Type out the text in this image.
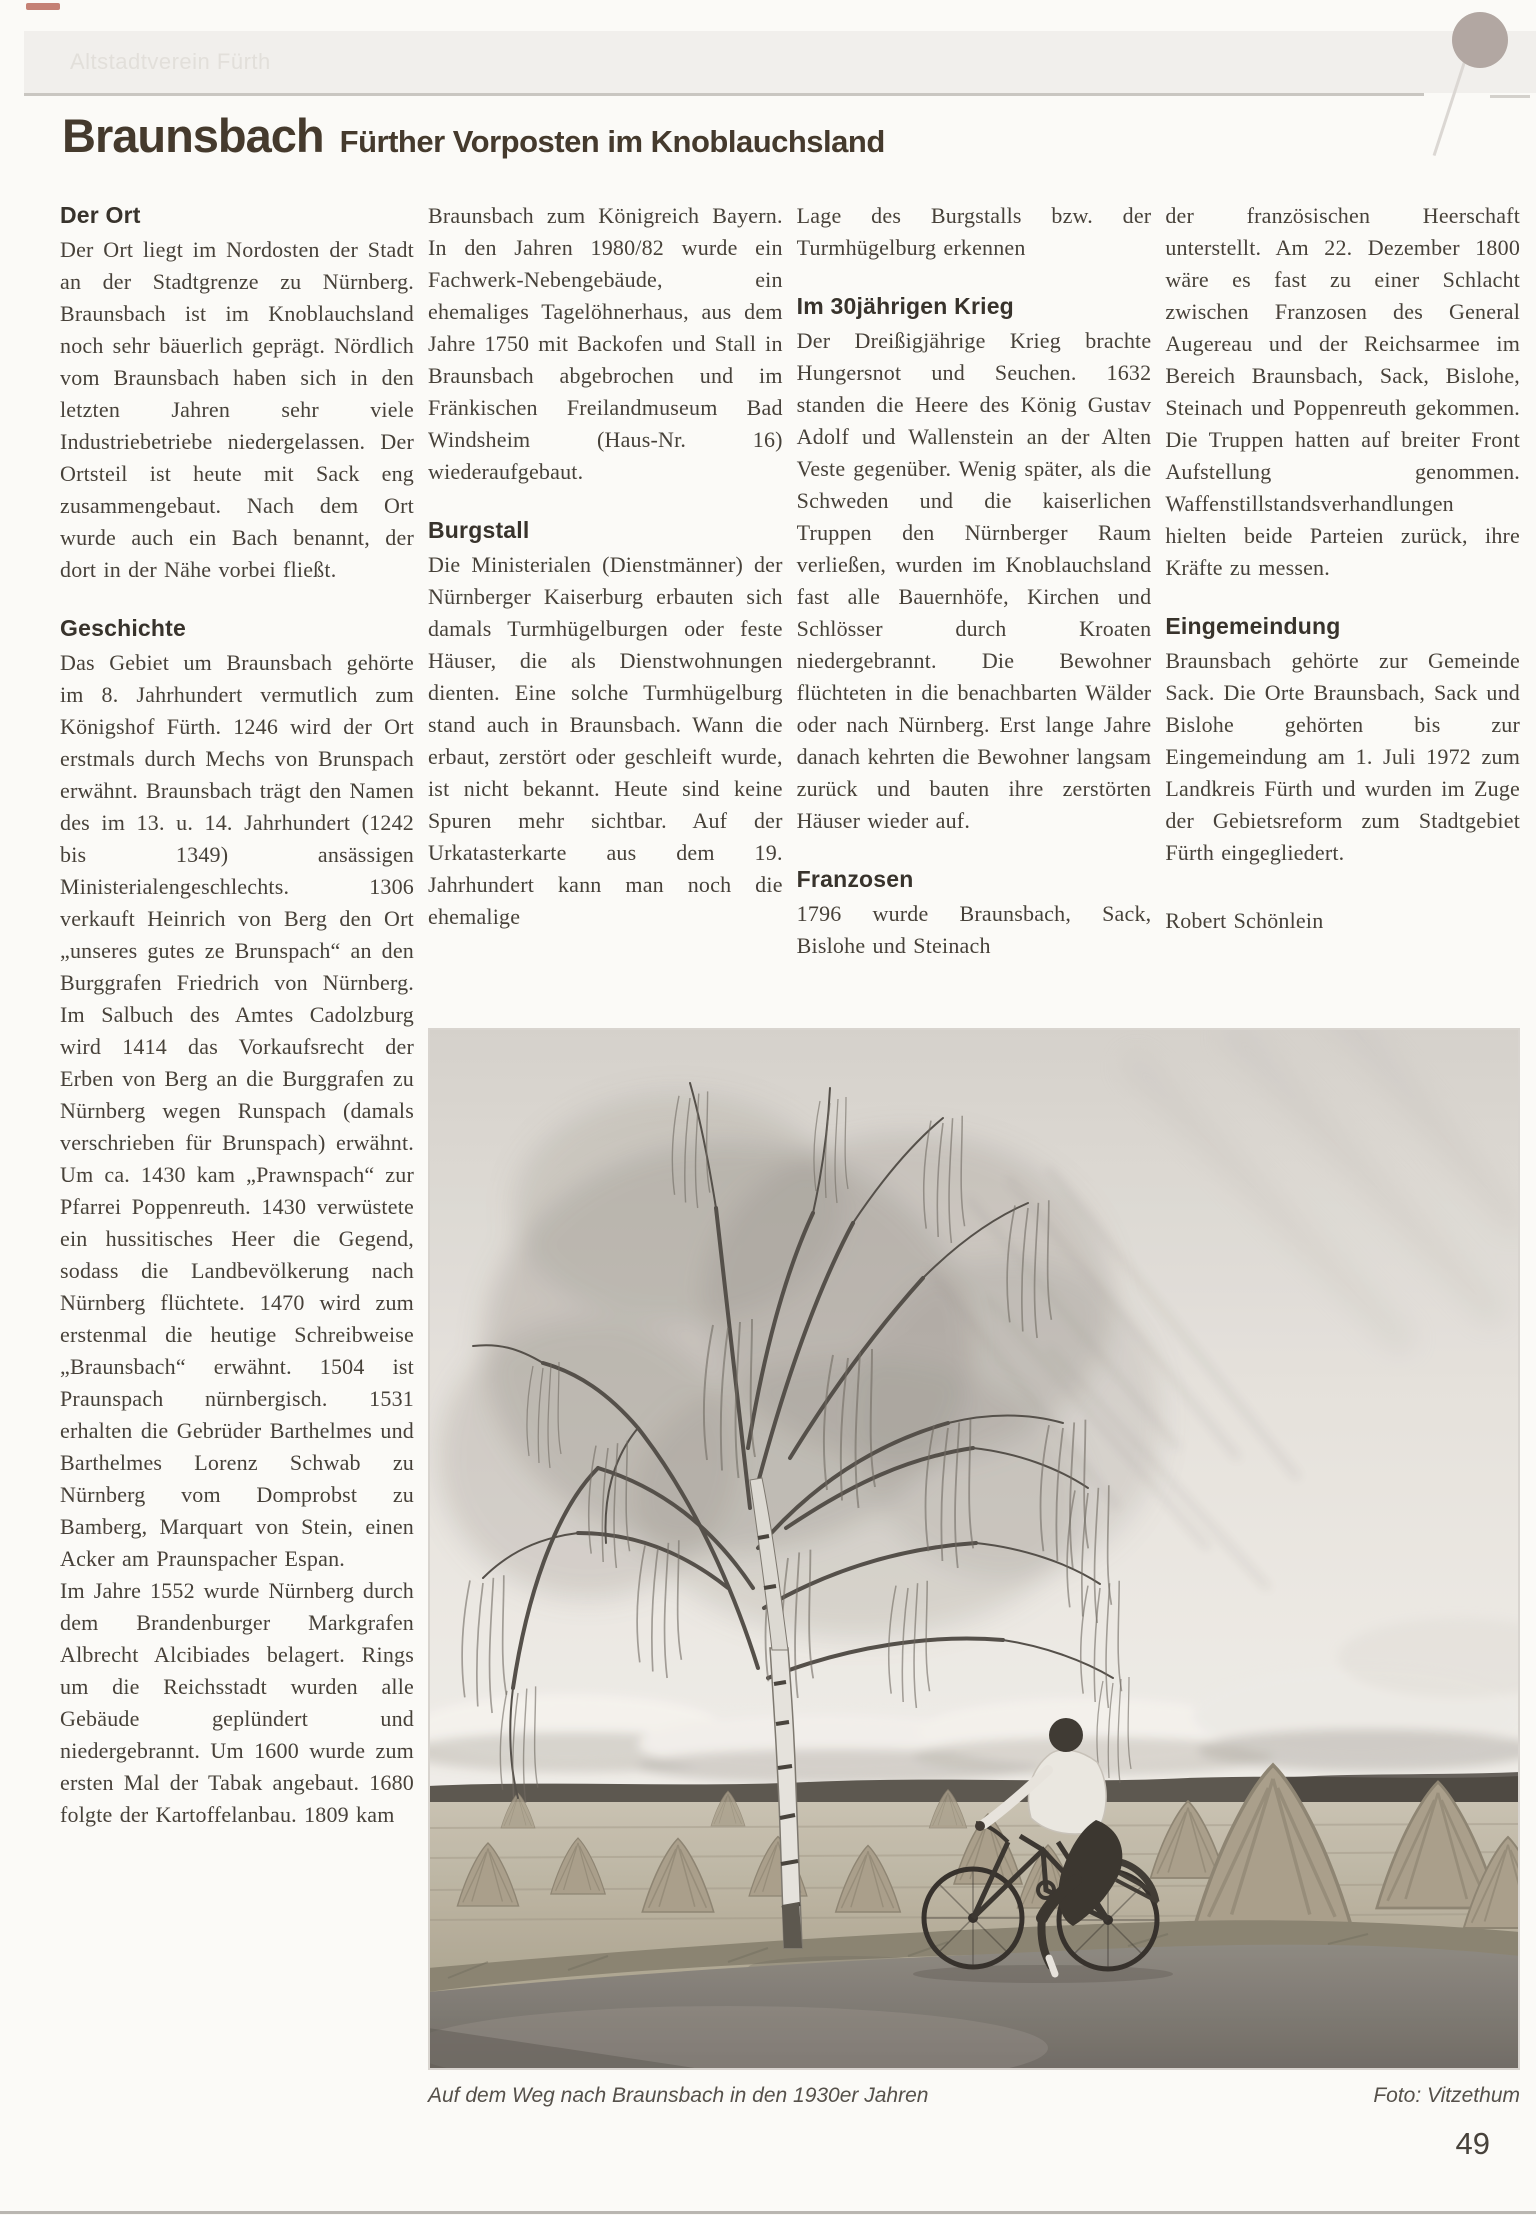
Altstadtverein Fürth
Braunsbach Fürther Vorposten im Knoblauchsland
Der Ort

Der Ort liegt im Nordosten der Stadt an der Stadtgrenze zu Nürnberg. Braunsbach ist im Knoblauchsland noch sehr bäuerlich geprägt. Nördlich vom Braunsbach haben sich in den letzten Jahren sehr viele Industriebetriebe niedergelassen. Der Ortsteil ist heute mit Sack eng zusammengebaut. Nach dem Ort wurde auch ein Bach benannt, der dort in der Nähe vorbei fließt.

Geschichte

Das Gebiet um Braunsbach gehörte im 8. Jahrhundert vermutlich zum Königshof Fürth. 1246 wird der Ort erstmals durch Mechs von Brunspach erwähnt. Braunsbach trägt den Namen des im 13. u. 14. Jahrhundert (1242 bis 1349) ansässigen Ministerialengeschlechts. 1306 verkauft Heinrich von Berg den Ort „unseres gutes ze Brunspach“ an den Burggrafen Friedrich von Nürnberg. Im Salbuch des Amtes Cadolzburg wird 1414 das Vorkaufsrecht der Erben von Berg an die Burggrafen zu Nürnberg wegen Runspach (damals verschrieben für Brunspach) erwähnt. Um ca. 1430 kam „Prawnspach“ zur Pfarrei Poppenreuth. 1430 verwüstete ein hussitisches Heer die Gegend, sodass die Landbevölkerung nach Nürnberg flüchtete. 1470 wird zum erstenmal die heutige Schreibweise „Braunsbach“ erwähnt. 1504 ist Praunspach nürnbergisch. 1531 erhalten die Gebrüder Barthelmes und Barthelmes Lorenz Schwab zu Nürnberg vom Domprobst zu Bamberg, Marquart von Stein, einen Acker am Praunspacher Espan.

Im Jahre 1552 wurde Nürnberg durch dem Brandenburger Markgrafen Albrecht Alcibiades belagert. Rings um die Reichsstadt wurden alle Gebäude geplündert und niedergebrannt. Um 1600 wurde zum ersten Mal der Tabak angebaut. 1680 folgte der Kartoffelanbau. 1809 kam

Braunsbach zum Königreich Bayern. In den Jahren 1980/82 wurde ein Fachwerk-Nebengebäude, ein ehemaliges Tagelöhnerhaus, aus dem Jahre 1750 mit Backofen und Stall in Braunsbach abgebrochen und im Fränkischen Freilandmuseum Bad Windsheim (Haus-Nr. 16) wiederaufgebaut.

Burgstall

Die Ministerialen (Dienstmänner) der Nürnberger Kaiserburg erbauten sich damals Turmhügelburgen oder feste Häuser, die als Dienstwohnungen dienten. Eine solche Turmhügelburg stand auch in Braunsbach. Wann die erbaut, zerstört oder geschleift wurde, ist nicht bekannt. Heute sind keine Spuren mehr sichtbar. Auf der Urkatasterkarte aus dem 19. Jahrhundert kann man noch die ehemalige

Lage des Burgstalls bzw. der Turmhügelburg erkennen

Im 30jährigen Krieg

Der Dreißigjährige Krieg brachte Hungersnot und Seuchen. 1632 standen die Heere des König Gustav Adolf und Wallenstein an der Alten Veste gegenüber. Wenig später, als die Schweden und die kaiserlichen Truppen den Nürnberger Raum verließen, wurden im Knoblauchsland fast alle Bauernhöfe, Kirchen und Schlösser durch Kroaten niedergebrannt. Die Bewohner flüchteten in die benachbarten Wälder oder nach Nürnberg. Erst lange Jahre danach kehrten die Bewohner langsam zurück und bauten ihre zerstörten Häuser wieder auf.

Franzosen

1796 wurde Braunsbach, Sack, Bislohe und Steinach

der französischen Heerschaft unterstellt. Am 22. Dezember 1800 wäre es fast zu einer Schlacht zwischen Franzosen des General Augereau und der Reichsarmee im Bereich Braunsbach, Sack, Bislohe, Steinach und Poppenreuth gekommen. Die Truppen hatten auf breiter Front Aufstellung genommen. Waffenstillstandsverhandlungen hielten beide Parteien zurück, ihre Kräfte zu messen.

Eingemeindung

Braunsbach gehörte zur Gemeinde Sack. Die Orte Braunsbach, Sack und Bislohe gehörten bis zur Eingemeindung am 1. Juli 1972 zum Landkreis Fürth und wurden im Zuge der Gebietsreform zum Stadtgebiet Fürth eingegliedert.

Robert Schönlein

Auf dem Weg nach Braunsbach in den 1930er Jahren	Foto: Vitzethum
49
